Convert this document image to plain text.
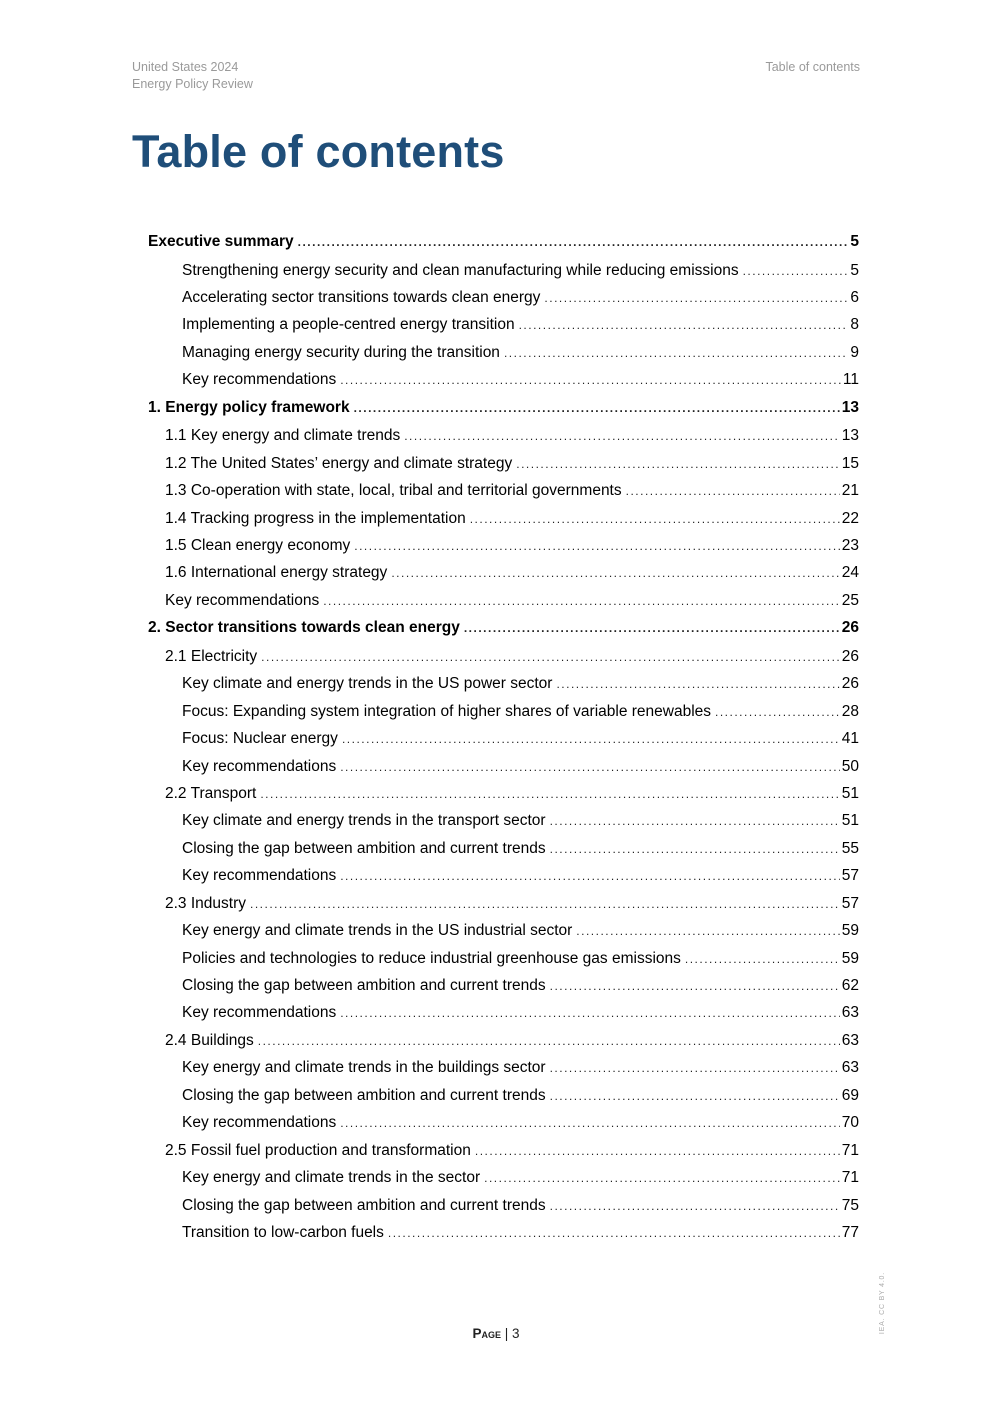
United States 2024
Energy Policy Review
Table of contents
Table of contents
Executive summary .....	5
Strengthening energy security and clean manufacturing while reducing emissions .....	5
Accelerating sector transitions towards clean energy .....	6
Implementing a people-centred energy transition .....	8
Managing energy security during the transition .....	9
Key recommendations .....	11
1. Energy policy framework .....	13
1.1 Key energy and climate trends .....	13
1.2 The United States’ energy and climate strategy .....	15
1.3 Co-operation with state, local, tribal and territorial governments .....	21
1.4 Tracking progress in the implementation .....	22
1.5 Clean energy economy .....	23
1.6 International energy strategy .....	24
Key recommendations .....	25
2. Sector transitions towards clean energy .....	26
2.1 Electricity .....	26
Key climate and energy trends in the US power sector .....	26
Focus: Expanding system integration of higher shares of variable renewables .....	28
Focus: Nuclear energy .....	41
Key recommendations .....	50
2.2 Transport .....	51
Key climate and energy trends in the transport sector .....	51
Closing the gap between ambition and current trends .....	55
Key recommendations .....	57
2.3 Industry .....	57
Key energy and climate trends in the US industrial sector .....	59
Policies and technologies to reduce industrial greenhouse gas emissions .....	59
Closing the gap between ambition and current trends .....	62
Key recommendations .....	63
2.4 Buildings .....	63
Key energy and climate trends in the buildings sector .....	63
Closing the gap between ambition and current trends .....	69
Key recommendations .....	70
2.5 Fossil fuel production and transformation .....	71
Key energy and climate trends in the sector .....	71
Closing the gap between ambition and current trends .....	75
Transition to low-carbon fuels .....	77
Page | 3	IEA. CC BY 4.0.
